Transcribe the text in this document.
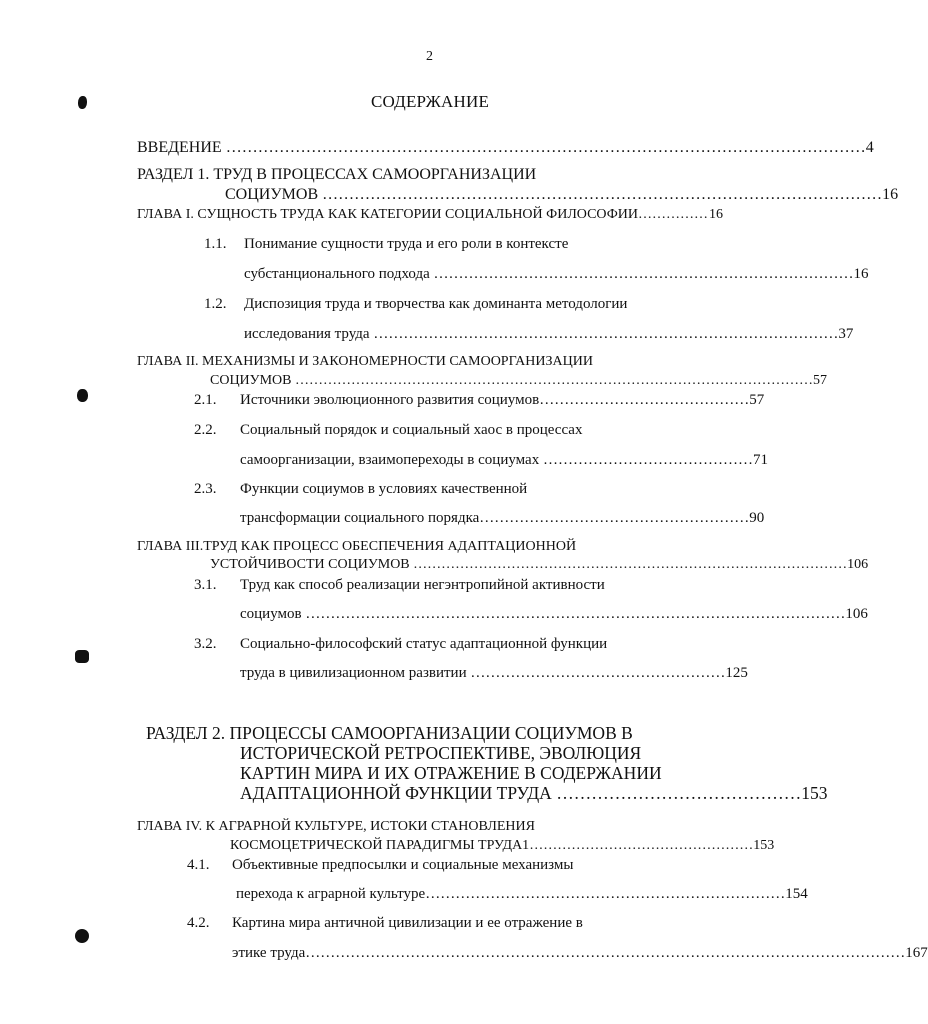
2
СОДЕРЖАНИЕ
ВВЕДЕНИЕ ………………………………………………………………………………………………………… 4
РАЗДЕЛ 1. ТРУД В ПРОЦЕССАХ САМООРГАНИЗАЦИИ
СОЦИУМОВ …………………………………………………………………………………………… 16
ГЛАВА I. СУЩНОСТЬ ТРУДА КАК КАТЕГОРИИ СОЦИАЛЬНОЙ ФИЛОСОФИИ …………… 16
1.1. Понимание сущности труда и его роли в контексте
субстанционального подхода ………………………………………………………………………… 16
1.2. Диспозиция труда и творчества как доминанта методологии
исследования труда ………………………………………………………………………………… 37
ГЛАВА II. МЕХАНИЗМЫ И ЗАКОНОМЕРНОСТИ САМООРГАНИЗАЦИИ
СОЦИУМОВ ………………………………………………………………………………………………… 57
2.1. Источники эволюционного развития социумов …………………………………… 57
2.2. Социальный порядок и социальный хаос в процессах
самоорганизации, взаимопереходы в социумах …………………………………… 71
2.3. Функции социумов в условиях качественной
трансформации социального порядка ……………………………………………… 90
ГЛАВА III.ТРУД КАК ПРОЦЕСС ОБЕСПЕЧЕНИЯ АДАПТАЦИОННОЙ
УСТОЙЧИВОСТИ СОЦИУМОВ ………………………………………………………………………………… 106
3.1. Труд как способ реализации негэнтропийной активности
социумов ……………………………………………………………………………………………… 106
3.2. Социально-философский статус адаптационной функции
труда в цивилизационном развитии …………………………………………… 125
РАЗДЕЛ 2. ПРОЦЕССЫ САМООРГАНИЗАЦИИ СОЦИУМОВ В
ИСТОРИЧЕСКОЙ РЕТРОСПЕКТИВЕ, ЭВОЛЮЦИЯ
КАРТИН МИРА И ИХ ОТРАЖЕНИЕ В СОДЕРЖАНИИ
АДАПТАЦИОННОЙ ФУНКЦИИ ТРУДА …………………………………… 153
ГЛАВА IV. К АГРАРНОЙ КУЛЬТУРЕ, ИСТОКИ СТАНОВЛЕНИЯ
КОСМОЦЕТРИЧЕСКОЙ ПАРАДИГМЫ ТРУДА1 ………………………………………… 153
4.1. Объективные предпосылки и социальные механизмы
перехода к аграрной культуре ……………………………………………………………… 154
4.2. Картина мира античной цивилизации и ее отражение в
этике труда ………………………………………………………………………………………………………… 167
